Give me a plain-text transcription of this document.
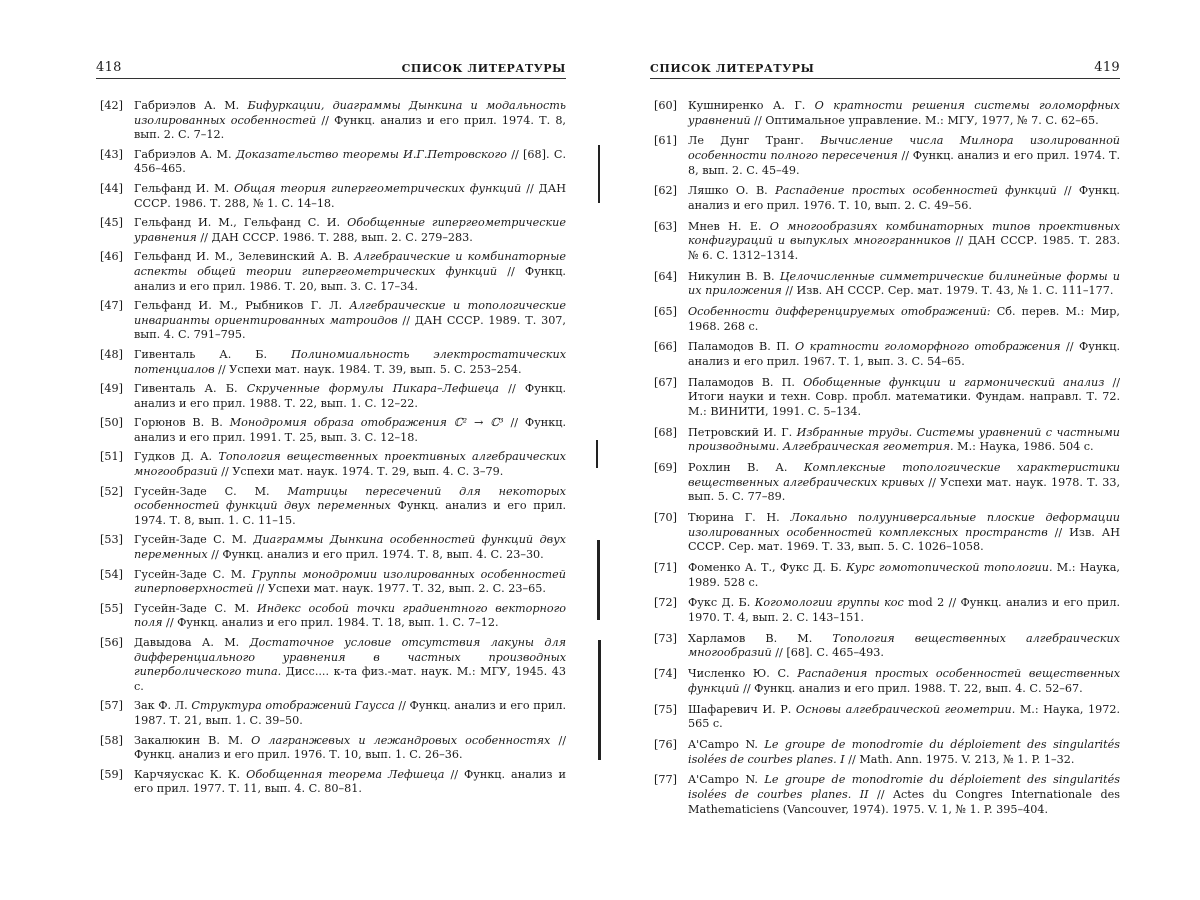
418	СПИСОК ЛИТЕРАТУРЫ
[42] Габриэлов А. М. Бифуркации, диаграммы Дынкина и модальность изолированных особенностей // Функц. анализ и его прил. 1974. Т. 8, вып. 2. С. 7–12.
[43] Габриэлов А. М. Доказательство теоремы И.Г.Петровского // [68]. С. 456–465.
[44] Гельфанд И. М. Общая теория гипергеометрических функций // ДАН СССР. 1986. Т. 288, № 1. С. 14–18.
[45] Гельфанд И. М., Гельфанд С. И. Обобщенные гипергеометрические уравнения // ДАН СССР. 1986. Т. 288, вып. 2. С. 279–283.
[46] Гельфанд И. М., Зелевинский А. В. Алгебраические и комбинаторные аспекты общей теории гипергеометрических функций // Функц. анализ и его прил. 1986. Т. 20, вып. 3. С. 17–34.
[47] Гельфанд И. М., Рыбников Г. Л. Алгебраические и топологические инварианты ориентированных матроидов // ДАН СССР. 1989. Т. 307, вып. 4. С. 791–795.
[48] Гивенталь А. Б. Полиномиальность электростатических потенциалов // Успехи мат. наук. 1984. Т. 39, вып. 5. С. 253–254.
[49] Гивенталь А. Б. Скрученные формулы Пикара–Лефшеца // Функц. анализ и его прил. 1988. Т. 22, вып. 1. С. 12–22.
[50] Горюнов В. В. Монодромия образа отображения ℂ² → ℂ³ // Функц. анализ и его прил. 1991. Т. 25, вып. 3. С. 12–18.
[51] Гудков Д. А. Топология вещественных проективных алгебраических многообразий // Успехи мат. наук. 1974. Т. 29, вып. 4. С. 3–79.
[52] Гусейн-Заде С. М. Матрицы пересечений для некоторых особенностей функций двух переменных Функц. анализ и его прил. 1974. Т. 8, вып. 1. С. 11–15.
[53] Гусейн-Заде С. М. Диаграммы Дынкина особенностей функций двух переменных // Функц. анализ и его прил. 1974. Т. 8, вып. 4. С. 23–30.
[54] Гусейн-Заде С. М. Группы монодромии изолированных особенностей гиперповерхностей // Успехи мат. наук. 1977. Т. 32, вып. 2. С. 23–65.
[55] Гусейн-Заде С. М. Индекс особой точки градиентного векторного поля // Функц. анализ и его прил. 1984. Т. 18, вып. 1. С. 7–12.
[56] Давыдова А. М. Достаточное условие отсутствия лакуны для дифференциального уравнения в частных производных гиперболического типа. Дисс.... к-та физ.-мат. наук. М.: МГУ, 1945. 43 с.
[57] Зак Ф. Л. Структура отображений Гаусса // Функц. анализ и его прил. 1987. Т. 21, вып. 1. С. 39–50.
[58] Закалюкин В. М. О лагранжевых и лежандровых особенностях // Функц. анализ и его прил. 1976. Т. 10, вып. 1. С. 26–36.
[59] Карчяускас К. К. Обобщенная теорема Лефшеца // Функц. анализ и его прил. 1977. Т. 11, вып. 4. С. 80–81.
СПИСОК ЛИТЕРАТУРЫ	419
[60] Кушниренко А. Г. О кратности решения системы голоморфных уравнений // Оптимальное управление. М.: МГУ, 1977, № 7. С. 62–65.
[61] Ле Дунг Транг. Вычисление числа Милнора изолированной особенности полного пересечения // Функц. анализ и его прил. 1974. Т. 8, вып. 2. С. 45–49.
[62] Ляшко О. В. Распадение простых особенностей функций // Функц. анализ и его прил. 1976. Т. 10, вып. 2. С. 49–56.
[63] Мнев Н. Е. О многообразиях комбинаторных типов проективных конфигураций и выпуклых многогранников // ДАН СССР. 1985. Т. 283. № 6. С. 1312–1314.
[64] Никулин В. В. Целочисленные симметрические билинейные формы и их приложения // Изв. АН СССР. Сер. мат. 1979. Т. 43, № 1. С. 111–177.
[65] Особенности дифференцируемых отображений: Сб. перев. М.: Мир, 1968. 268 с.
[66] Паламодов В. П. О кратности голоморфного отображения // Функц. анализ и его прил. 1967. Т. 1, вып. 3. С. 54–65.
[67] Паламодов В. П. Обобщенные функции и гармонический анализ // Итоги науки и техн. Совр. пробл. математики. Фундам. направл. Т. 72. М.: ВИНИТИ, 1991. С. 5–134.
[68] Петровский И. Г. Избранные труды. Системы уравнений с частными производными. Алгебраическая геометрия. М.: Наука, 1986. 504 с.
[69] Рохлин В. А. Комплексные топологические характеристики вещественных алгебраических кривых // Успехи мат. наук. 1978. Т. 33, вып. 5. С. 77–89.
[70] Тюрина Г. Н. Локально полууниверсальные плоские деформации изолированных особенностей комплексных пространств // Изв. АН СССР. Сер. мат. 1969. Т. 33, вып. 5. С. 1026–1058.
[71] Фоменко А. Т., Фукс Д. Б. Курс гомотопической топологии. М.: Наука, 1989. 528 с.
[72] Фукс Д. Б. Когомологии группы кос mod 2 // Функц. анализ и его прил. 1970. Т. 4, вып. 2. С. 143–151.
[73] Харламов В. М. Топология вещественных алгебраических многообразий // [68]. С. 465–493.
[74] Численко Ю. С. Распадения простых особенностей вещественных функций // Функц. анализ и его прил. 1988. Т. 22, вып. 4. С. 52–67.
[75] Шафаревич И. Р. Основы алгебраической геометрии. М.: Наука, 1972. 565 с.
[76] A'Campo N. Le groupe de monodromie du déploiement des singularités isolées de courbes planes. I // Math. Ann. 1975. V. 213, № 1. P. 1–32.
[77] A'Campo N. Le groupe de monodromie du déploiement des singularités isolées de courbes planes. II // Actes du Congres Internationale des Mathematiciens (Vancouver, 1974). 1975. V. 1, № 1. P. 395–404.
